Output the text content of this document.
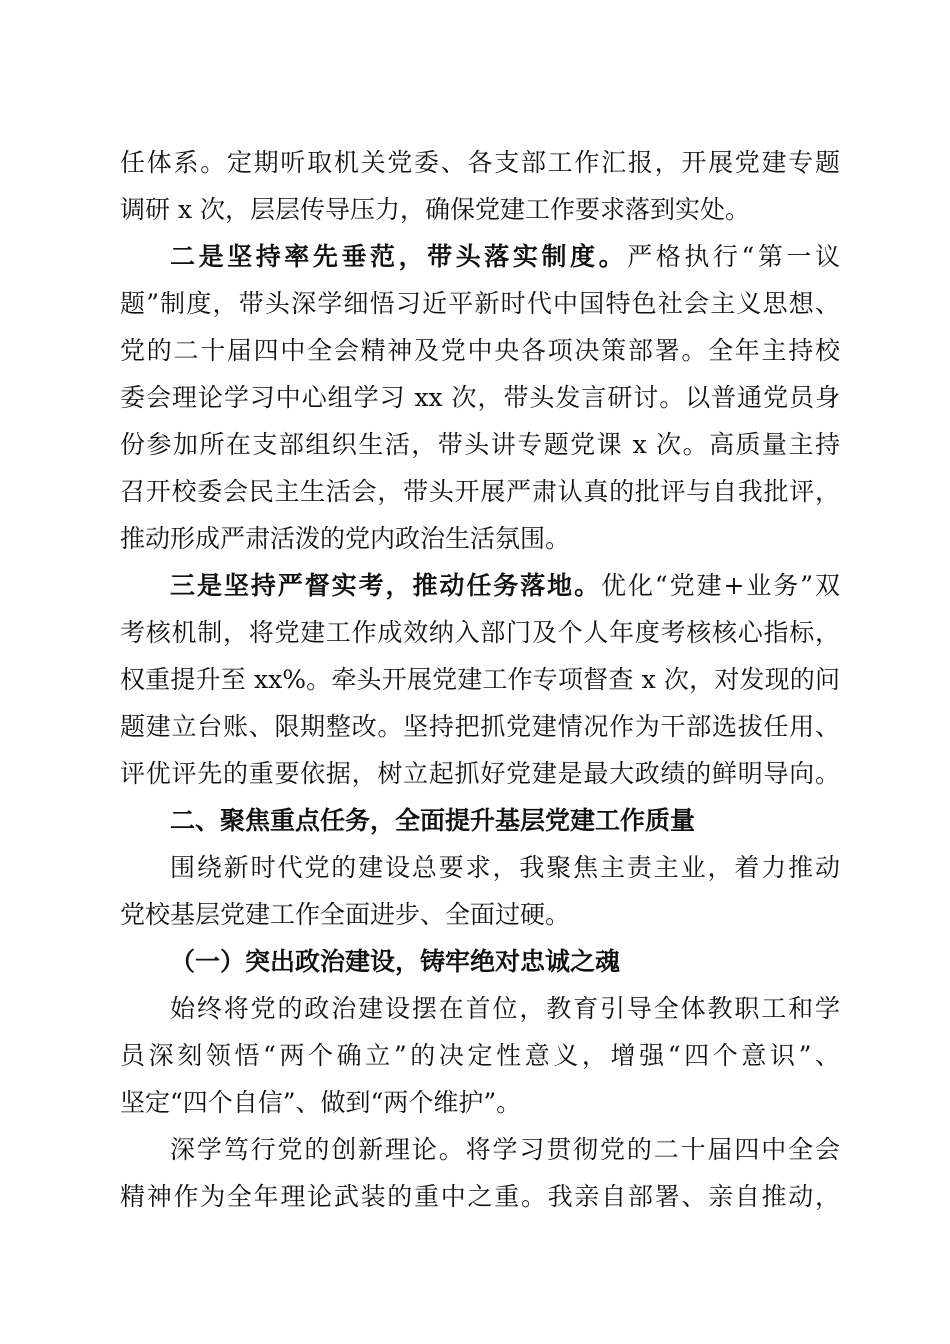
任体系。定期听取机关党委、各支部工作汇报，开展党建专题
调研 x 次，层层传导压力，确保党建工作要求落到实处。
二是坚持率先垂范，带头落实制度。严格执行“第一议
题”制度，带头深学细悟习近平新时代中国特色社会主义思想、
党的二十届四中全会精神及党中央各项决策部署。全年主持校
委会理论学习中心组学习 xx 次，带头发言研讨。以普通党员身
份参加所在支部组织生活，带头讲专题党课 x 次。高质量主持
召开校委会民主生活会，带头开展严肃认真的批评与自我批评，
推动形成严肃活泼的党内政治生活氛围。
三是坚持严督实考，推动任务落地。优化“党建+业务”双
考核机制，将党建工作成效纳入部门及个人年度考核核心指标，
权重提升至 xx%。牵头开展党建工作专项督查 x 次，对发现的问
题建立台账、限期整改。坚持把抓党建情况作为干部选拔任用、
评优评先的重要依据，树立起抓好党建是最大政绩的鲜明导向。
二、聚焦重点任务，全面提升基层党建工作质量
围绕新时代党的建设总要求，我聚焦主责主业，着力推动
党校基层党建工作全面进步、全面过硬。
（一）突出政治建设，铸牢绝对忠诚之魂
始终将党的政治建设摆在首位，教育引导全体教职工和学
员深刻领悟“两个确立”的决定性意义，增强“四个意识”、
坚定“四个自信”、做到“两个维护”。
深学笃行党的创新理论。将学习贯彻党的二十届四中全会
精神作为全年理论武装的重中之重。我亲自部署、亲自推动，
